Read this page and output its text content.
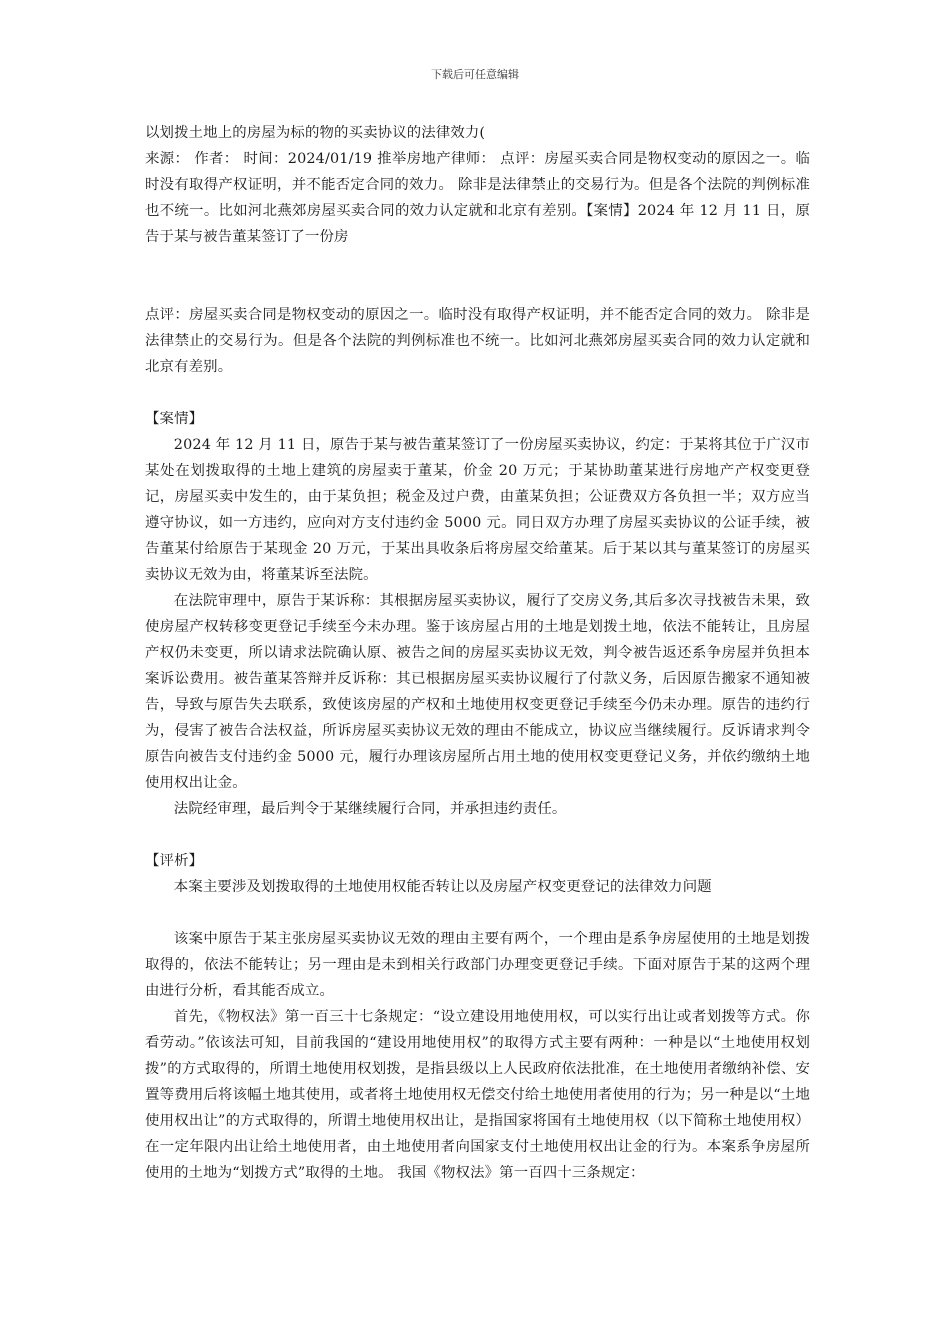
下载后可任意编辑

以划拨土地上的房屋为标的物的买卖协议的法律效力(

来源： 作者： 时间：2024/01/19 推举房地产律师： 点评：房屋买卖合同是物权变动的原因之一。临时没有取得产权证明，并不能否定合同的效力。 除非是法律禁止的交易行为。但是各个法院的判例标准也不统一。比如河北燕郊房屋买卖合同的效力认定就和北京有差别。【案情】2024 年 12 月 11 日，原告于某与被告董某签订了一份房

点评：房屋买卖合同是物权变动的原因之一。临时没有取得产权证明，并不能否定合同的效力。 除非是法律禁止的交易行为。但是各个法院的判例标准也不统一。比如河北燕郊房屋买卖合同的效力认定就和北京有差别。

【案情】

2024 年 12 月 11 日，原告于某与被告董某签订了一份房屋买卖协议，约定：于某将其位于广汉市某处在划拨取得的土地上建筑的房屋卖于董某，价金 20 万元；于某协助董某进行房地产产权变更登记，房屋买卖中发生的，由于某负担；税金及过户费，由董某负担；公证费双方各负担一半；双方应当遵守协议，如一方违约，应向对方支付违约金 5000 元。同日双方办理了房屋买卖协议的公证手续，被告董某付给原告于某现金 20 万元，于某出具收条后将房屋交给董某。后于某以其与董某签订的房屋买卖协议无效为由，将董某诉至法院。

在法院审理中，原告于某诉称：其根据房屋买卖协议，履行了交房义务,其后多次寻找被告未果，致使房屋产权转移变更登记手续至今未办理。鉴于该房屋占用的土地是划拨土地，依法不能转让，且房屋产权仍未变更，所以请求法院确认原、被告之间的房屋买卖协议无效，判令被告返还系争房屋并负担本案诉讼费用。被告董某答辩并反诉称：其已根据房屋买卖协议履行了付款义务，后因原告搬家不通知被告，导致与原告失去联系，致使该房屋的产权和土地使用权变更登记手续至今仍未办理。原告的违约行为，侵害了被告合法权益，所诉房屋买卖协议无效的理由不能成立，协议应当继续履行。反诉请求判令原告向被告支付违约金 5000 元，履行办理该房屋所占用土地的使用权变更登记义务，并依约缴纳土地使用权出让金。

法院经审理，最后判令于某继续履行合同，并承担违约责任。

【评析】

本案主要涉及划拨取得的土地使用权能否转让以及房屋产权变更登记的法律效力问题

该案中原告于某主张房屋买卖协议无效的理由主要有两个，一个理由是系争房屋使用的土地是划拨取得的，依法不能转让；另一理由是未到相关行政部门办理变更登记手续。下面对原告于某的这两个理由进行分析，看其能否成立。

首先，《物权法》第一百三十七条规定：“设立建设用地使用权，可以实行出让或者划拨等方式。你看劳动。”依该法可知，目前我国的“建设用地使用权”的取得方式主要有两种：一种是以“土地使用权划拨”的方式取得的，所谓土地使用权划拨，是指县级以上人民政府依法批准，在土地使用者缴纳补偿、安置等费用后将该幅土地其使用，或者将土地使用权无偿交付给土地使用者使用的行为；另一种是以“土地使用权出让”的方式取得的，所谓土地使用权出让，是指国家将国有土地使用权（以下简称土地使用权）在一定年限内出让给土地使用者，由土地使用者向国家支付土地使用权出让金的行为。本案系争房屋所使用的土地为“划拨方式”取得的土地。 我国《物权法》第一百四十三条规定：
